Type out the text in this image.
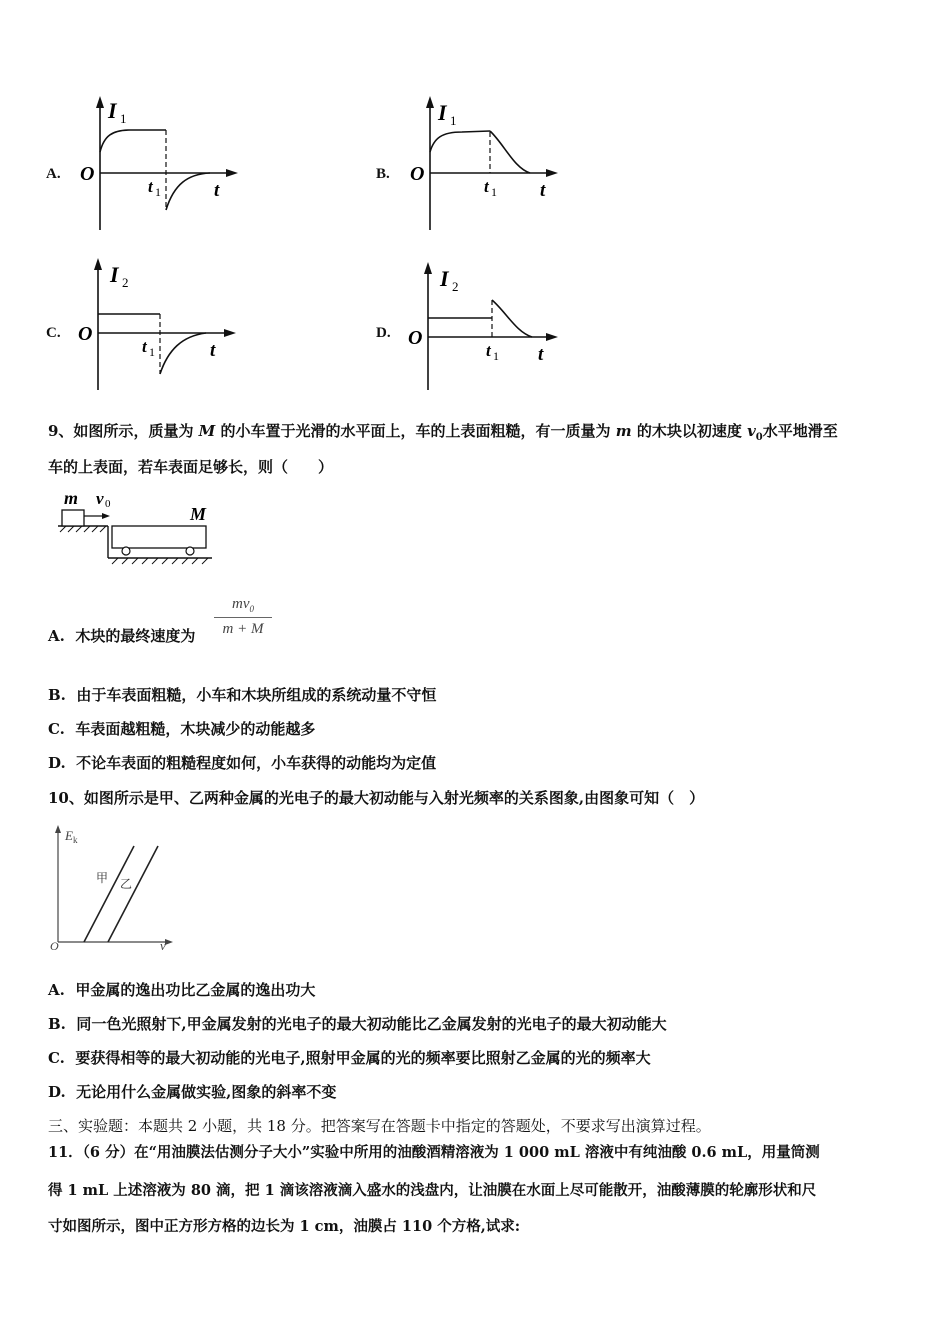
A.
I 1
O
t 1	t
B.
I 1
O
t 1 t
C.
I 2
O
t 1	t
D.
I 2
O
t 1 t
9、如图所示，质量为 M 的小车置于光滑的水平面上，车的上表面粗糙，有一质量为 m 的木块以初速度 $v_0$水平地滑至
车的上表面，若车表面足够长，则（　　）
m v 0	M
A. 木块的最终速度为 $\frac{mv_0}{m + M}$
B. 由于车表面粗糙，小车和木块所组成的系统动量不守恒
C. 车表面越粗糙，木块减少的动能越多
D. 不论车表面的粗糙程度如何，小车获得的动能均为定值
10、如图所示是甲、乙两种金属的光电子的最大初动能与入射光频率的关系图象,由图象可知（　）
E k
O	ν
甲 乙
A. 甲金属的逸出功比乙金属的逸出功大
B. 同一色光照射下,甲金属发射的光电子的最大初动能比乙金属发射的光电子的最大初动能大
C. 要获得相等的最大初动能的光电子,照射甲金属的光的频率要比照射乙金属的光的频率大
D. 无论用什么金属做实验,图象的斜率不变
三、实验题：本题共 2 小题，共 18 分。把答案写在答题卡中指定的答题处，不要求写出演算过程。
11．（6 分）在“用油膜法估测分子大小”实验中所用的油酸酒精溶液为 1 000 mL 溶液中有纯油酸 0.6 mL，用量筒测
得 1 mL 上述溶液为 80 滴，把 1 滴该溶液滴入盛水的浅盘内，让油膜在水面上尽可能散开，油酸薄膜的轮廓形状和尺
寸如图所示，图中正方形方格的边长为 1 cm，油膜占 110 个方格,试求:
